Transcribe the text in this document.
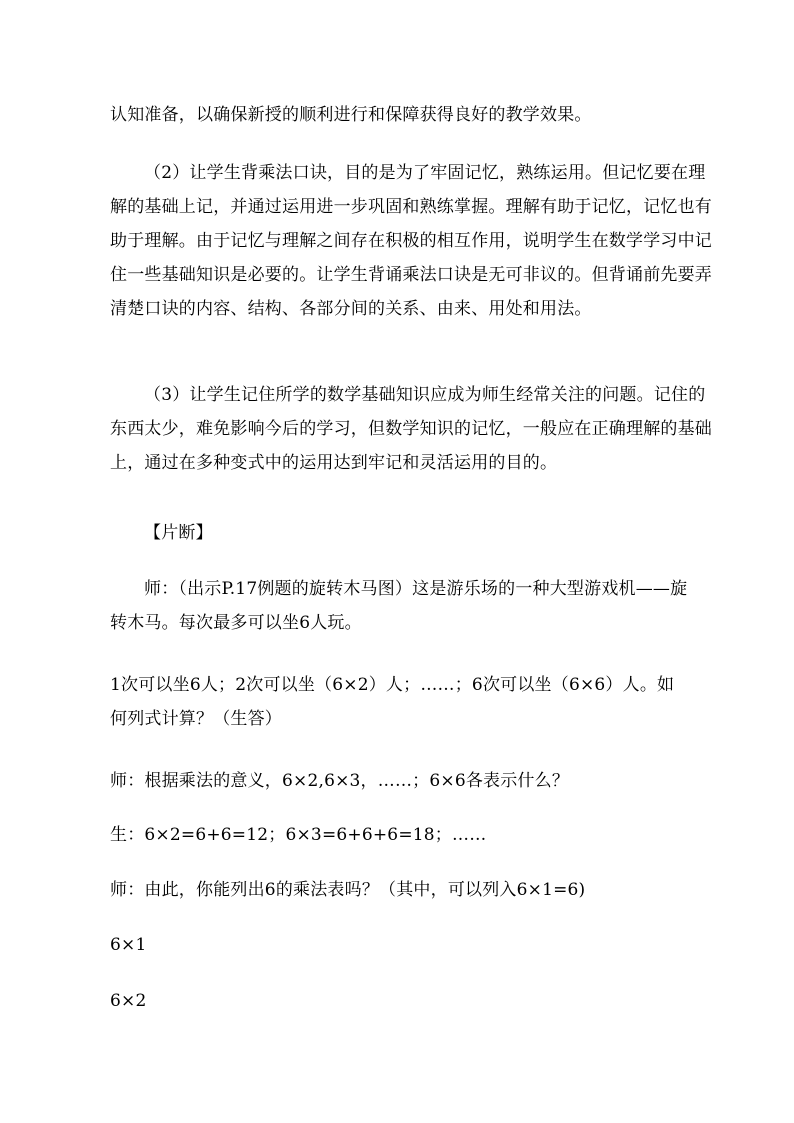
认知准备，以确保新授的顺利进行和保障获得良好的教学效果。

（2）让学生背乘法口诀，目的是为了牢固记忆，熟练运用。但记忆要在理
解的基础上记，并通过运用进一步巩固和熟练掌握。理解有助于记忆，记忆也有
助于理解。由于记忆与理解之间存在积极的相互作用，说明学生在数学学习中记
住一些基础知识是必要的。让学生背诵乘法口诀是无可非议的。但背诵前先要弄
清楚口诀的内容、结构、各部分间的关系、由来、用处和用法。

（3）让学生记住所学的数学基础知识应成为师生经常关注的问题。记住的
东西太少，难免影响今后的学习，但数学知识的记忆，一般应在正确理解的基础
上，通过在多种变式中的运用达到牢记和灵活运用的目的。

【片断】

师：（出示P.17例题的旋转木马图）这是游乐场的一种大型游戏机——旋
转木马。每次最多可以坐6人玩。

1次可以坐6人；2次可以坐（6×2）人；……；6次可以坐（6×6）人。如
何列式计算？（生答）

师：根据乘法的意义，6×2,6×3，……；6×6各表示什么？

生：6×2=6+6=12；6×3=6+6+6=18；……

师：由此，你能列出6的乘法表吗？（其中，可以列入6×1=6)

6×1

6×2
